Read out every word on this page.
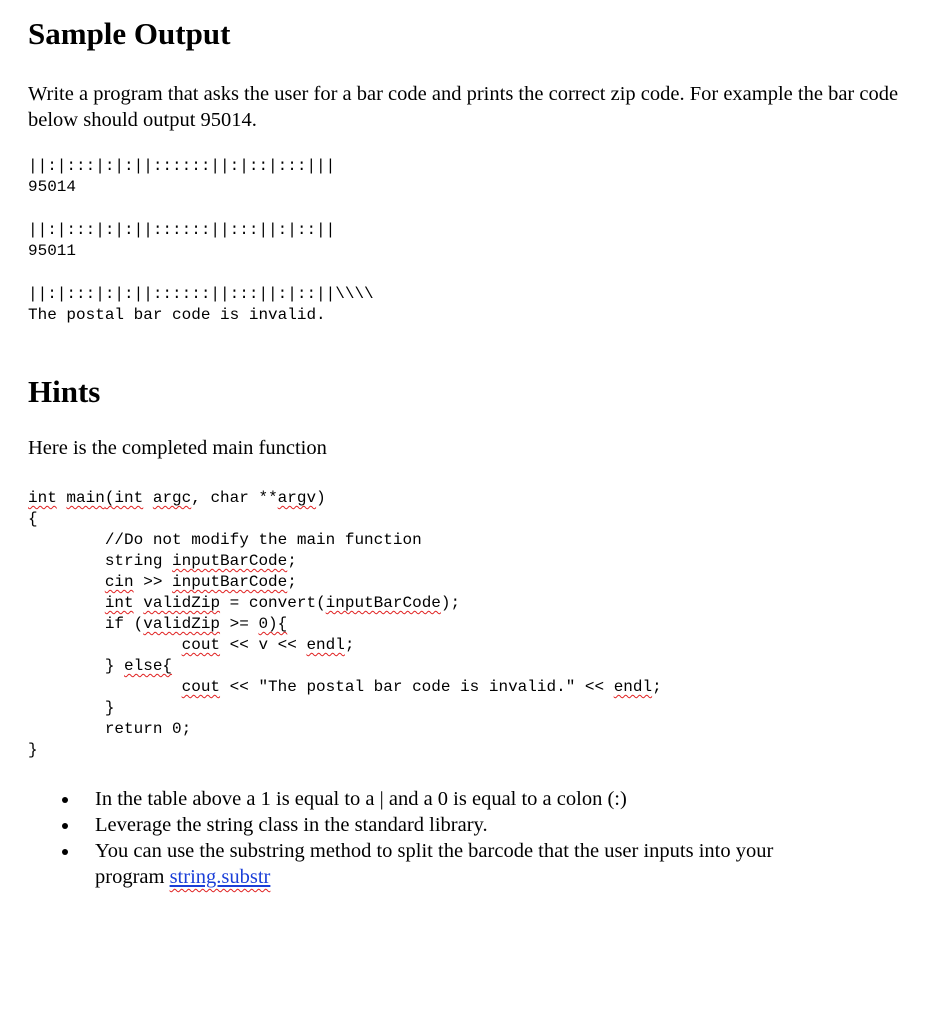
Sample Output

Write a program that asks the user for a bar code and prints the correct zip code. For example the bar code below should output 95014.

||:|:::|:|:||::::::||:|::|:::|||
95014
||:|:::|:|:||::::::||:::||:|::||
95011
||:|:::|:|:||::::::||:::||:|::||\\\\
The postal bar code is invalid.
Hints

Here is the completed main function

int main(int argc, char **argv)
{
//Do not modify the main function
string inputBarCode;
cin >> inputBarCode;
int validZip = convert(inputBarCode);
if (validZip >= 0){
cout << v << endl;
} else{
cout << "The postal bar code is invalid." << endl;
}
return 0;
}
In the table above a 1 is equal to a | and a 0 is equal to a colon (:)
Leverage the string class in the standard library.
You can use the substring method to split the barcode that the user inputs into your program string.substr
